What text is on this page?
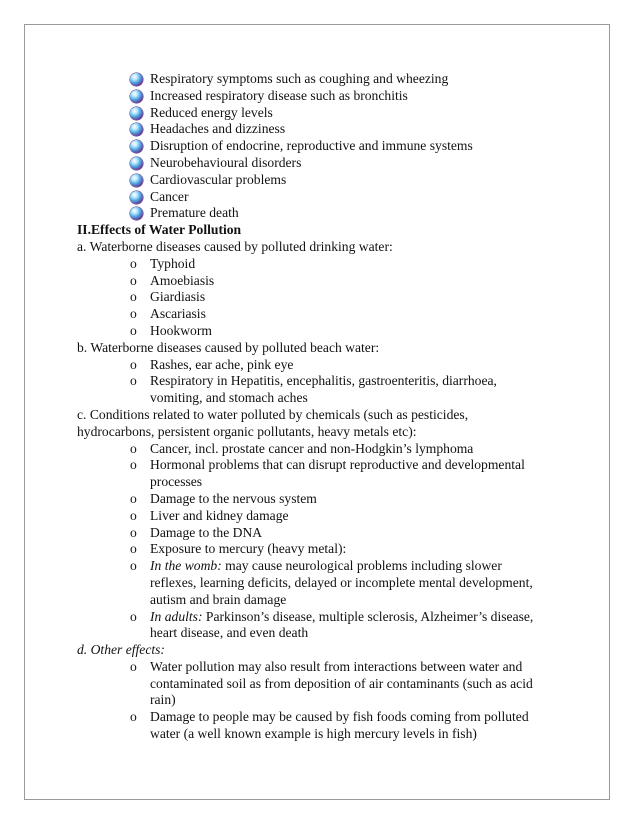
Respiratory symptoms such as coughing and wheezing
Increased respiratory disease such as bronchitis
Reduced energy levels
Headaches and dizziness
Disruption of endocrine, reproductive and immune systems
Neurobehavioural disorders
Cardiovascular problems
Cancer
Premature death
II.Effects of Water Pollution
a. Waterborne diseases caused by polluted drinking water:
o Typhoid
o Amoebiasis
o Giardiasis
o Ascariasis
o Hookworm
b. Waterborne diseases caused by polluted beach water:
o Rashes, ear ache, pink eye
o Respiratory in Hepatitis, encephalitis, gastroenteritis, diarrhoea, vomiting, and stomach aches
c. Conditions related to water polluted by chemicals (such as pesticides,
hydrocarbons, persistent organic pollutants, heavy metals etc):
o Cancer, incl. prostate cancer and non-Hodgkin’s lymphoma
o Hormonal problems that can disrupt reproductive and developmental processes
o Damage to the nervous system
o Liver and kidney damage
o Damage to the DNA
o Exposure to mercury (heavy metal):
o In the womb: may cause neurological problems including slower reflexes, learning deficits, delayed or incomplete mental development, autism and brain damage
o In adults: Parkinson’s disease, multiple sclerosis, Alzheimer’s disease, heart disease, and even death
d. Other effects:
o Water pollution may also result from interactions between water and contaminated soil as from deposition of air contaminants (such as acid rain)
o Damage to people may be caused by fish foods coming from polluted water (a well known example is high mercury levels in fish)
